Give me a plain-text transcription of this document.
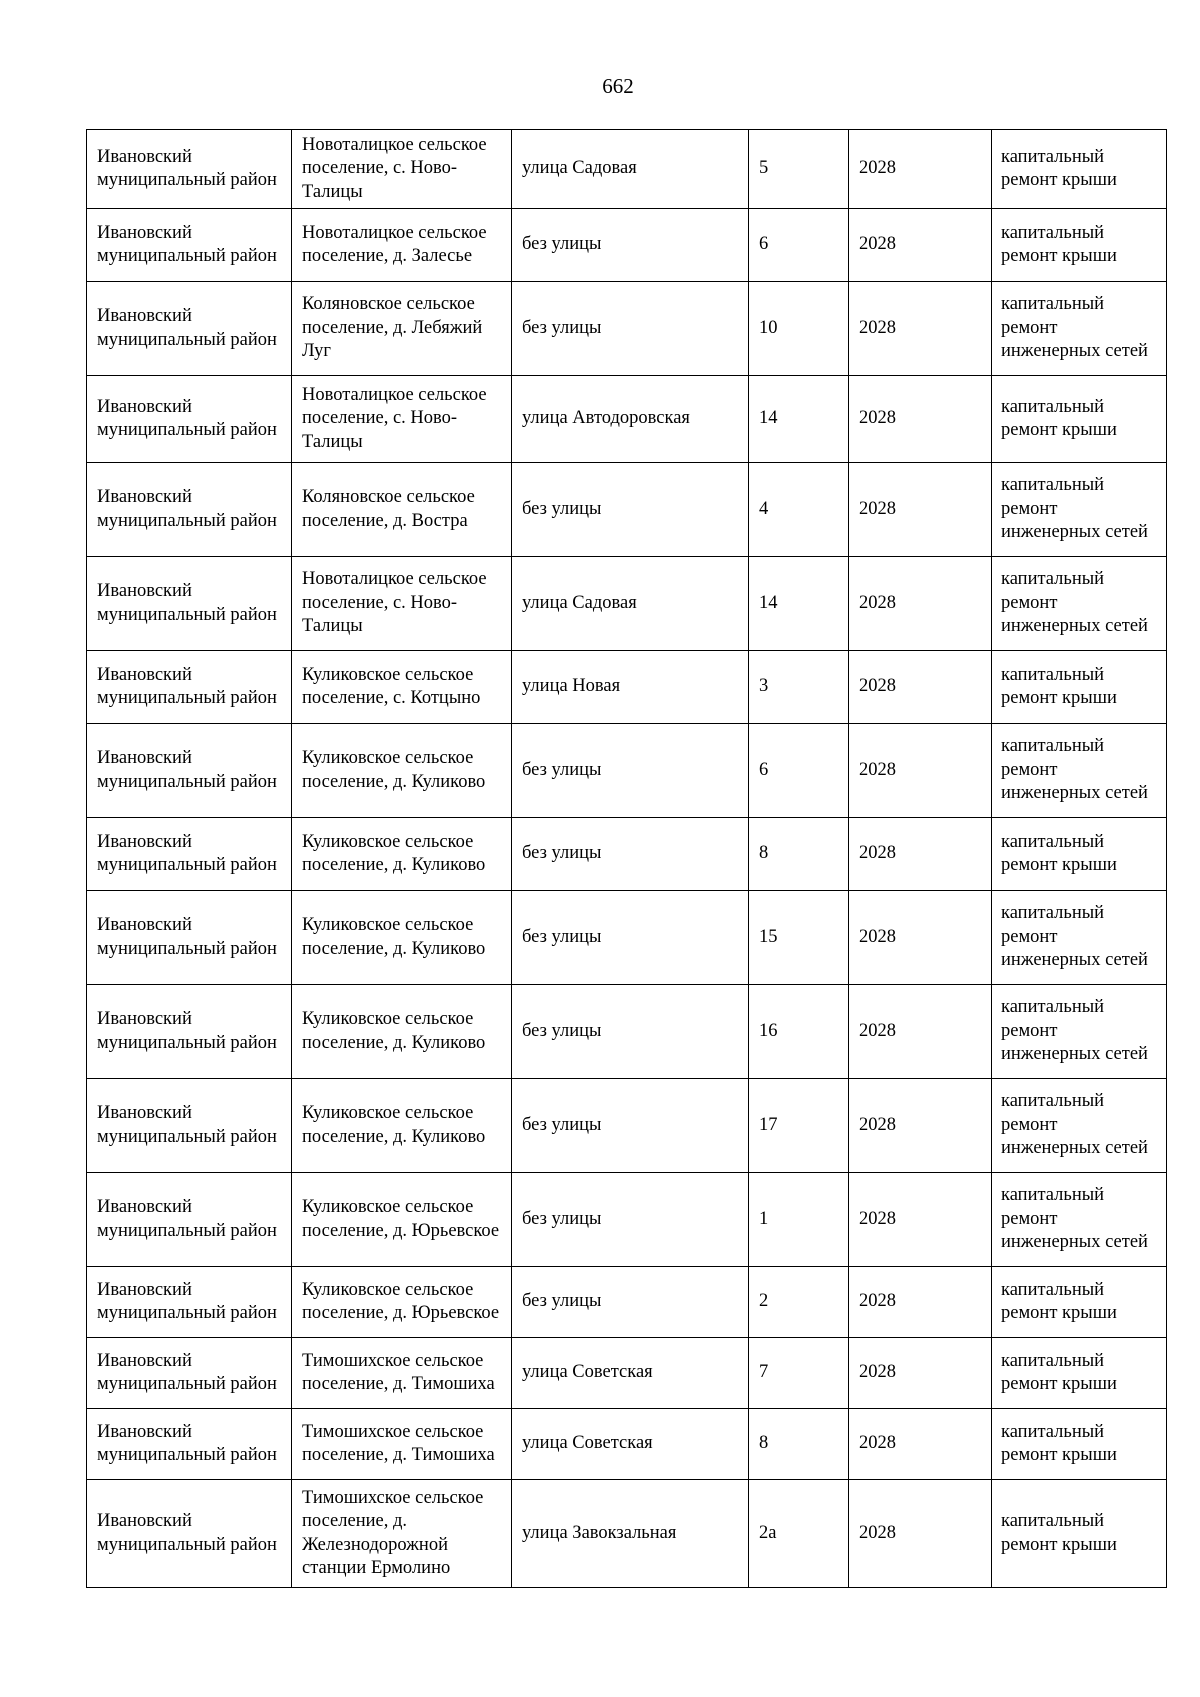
662
Ивановский муниципальный район	Новоталицкое сельское поселение, с. Ново-Талицы	улица Садовая	5	2028	капитальный ремонт крыши
Ивановский муниципальный район	Новоталицкое сельское поселение, д. Залесье	без улицы	6	2028	капитальный ремонт крыши
Ивановский муниципальный район	Коляновское сельское поселение, д. Лебяжий Луг	без улицы	10	2028	капитальный ремонт инженерных сетей
Ивановский муниципальный район	Новоталицкое сельское поселение, с. Ново-Талицы	улица Автодоровская	14	2028	капитальный ремонт крыши
Ивановский муниципальный район	Коляновское сельское поселение, д. Востра	без улицы	4	2028	капитальный ремонт инженерных сетей
Ивановский муниципальный район	Новоталицкое сельское поселение, с. Ново-Талицы	улица Садовая	14	2028	капитальный ремонт инженерных сетей
Ивановский муниципальный район	Куликовское сельское поселение, с. Котцыно	улица Новая	3	2028	капитальный ремонт крыши
Ивановский муниципальный район	Куликовское сельское поселение, д. Куликово	без улицы	6	2028	капитальный ремонт инженерных сетей
Ивановский муниципальный район	Куликовское сельское поселение, д. Куликово	без улицы	8	2028	капитальный ремонт крыши
Ивановский муниципальный район	Куликовское сельское поселение, д. Куликово	без улицы	15	2028	капитальный ремонт инженерных сетей
Ивановский муниципальный район	Куликовское сельское поселение, д. Куликово	без улицы	16	2028	капитальный ремонт инженерных сетей
Ивановский муниципальный район	Куликовское сельское поселение, д. Куликово	без улицы	17	2028	капитальный ремонт инженерных сетей
Ивановский муниципальный район	Куликовское сельское поселение, д. Юрьевское	без улицы	1	2028	капитальный ремонт инженерных сетей
Ивановский муниципальный район	Куликовское сельское поселение, д. Юрьевское	без улицы	2	2028	капитальный ремонт крыши
Ивановский муниципальный район	Тимошихское сельское поселение, д. Тимошиха	улица Советская	7	2028	капитальный ремонт крыши
Ивановский муниципальный район	Тимошихское сельское поселение, д. Тимошиха	улица Советская	8	2028	капитальный ремонт крыши
Ивановский муниципальный район	Тимошихское сельское поселение, д. Железнодорожной станции Ермолино	улица Завокзальная	2а	2028	капитальный ремонт крыши
